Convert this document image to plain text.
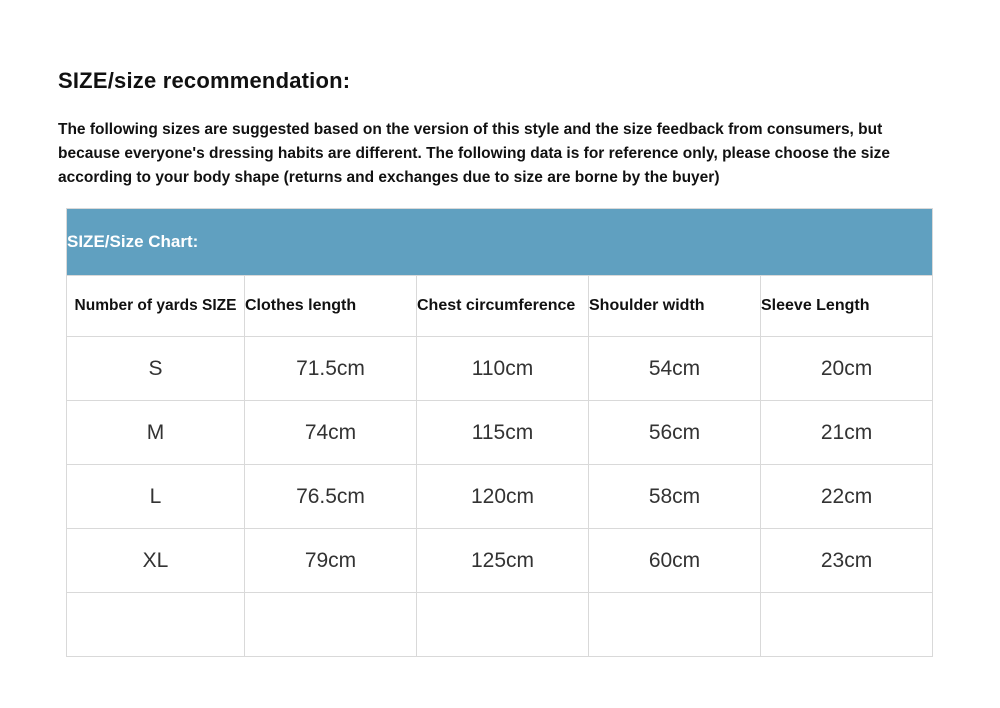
SIZE/size recommendation:
The following sizes are suggested based on the version of this style and the size feedback from consumers, but because everyone's dressing habits are different. The following data is for reference only, please choose the size according to your body shape (returns and exchanges due to size are borne by the buyer)
SIZE/Size Chart:				
Number of yards SIZE	Clothes length	Chest circumference	Shoulder width	Sleeve Length
S	71.5cm	110cm	54cm	20cm
M	74cm	115cm	56cm	21cm
L	76.5cm	120cm	58cm	22cm
XL	79cm	125cm	60cm	23cm
